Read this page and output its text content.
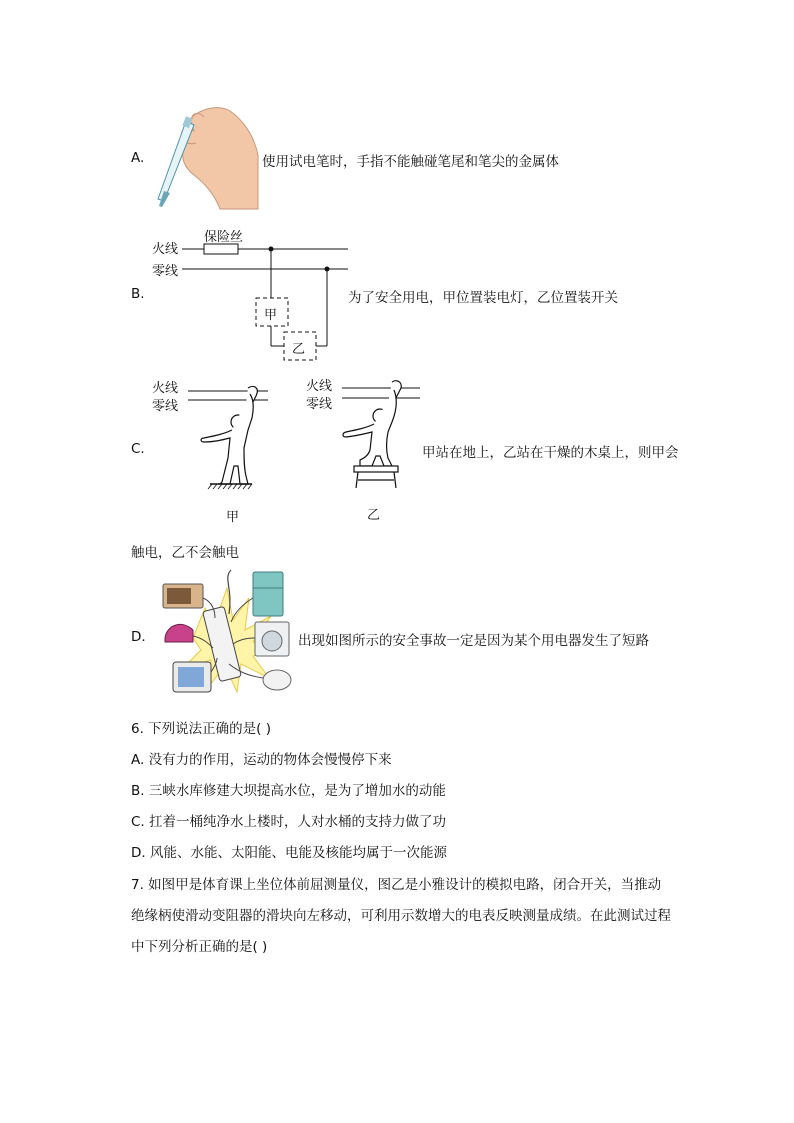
A.	使用试电笔时，手指不能触碰笔尾和笔尖的金属体
B.
火线
零线
保险丝
甲
乙
为了安全用电，甲位置装电灯，乙位置装开关
C.
火线
零线
火线
零线
甲	乙
甲站在地上，乙站在干燥的木桌上，则甲会
触电，乙不会触电
D.	出现如图所示的安全事故一定是因为某个用电器发生了短路
6. 下列说法正确的是( )
A. 没有力的作用，运动的物体会慢慢停下来
B. 三峡水库修建大坝提高水位，是为了增加水的动能
C. 扛着一桶纯净水上楼时，人对水桶的支持力做了功
D. 风能、水能、太阳能、电能及核能均属于一次能源
7. 如图甲是体育课上坐位体前屈测量仪，图乙是小雅设计的模拟电路，闭合开关，当推动
绝缘柄使滑动变阻器的滑块向左移动，可利用示数增大的电表反映测量成绩。在此测试过程
中下列分析正确的是( )
